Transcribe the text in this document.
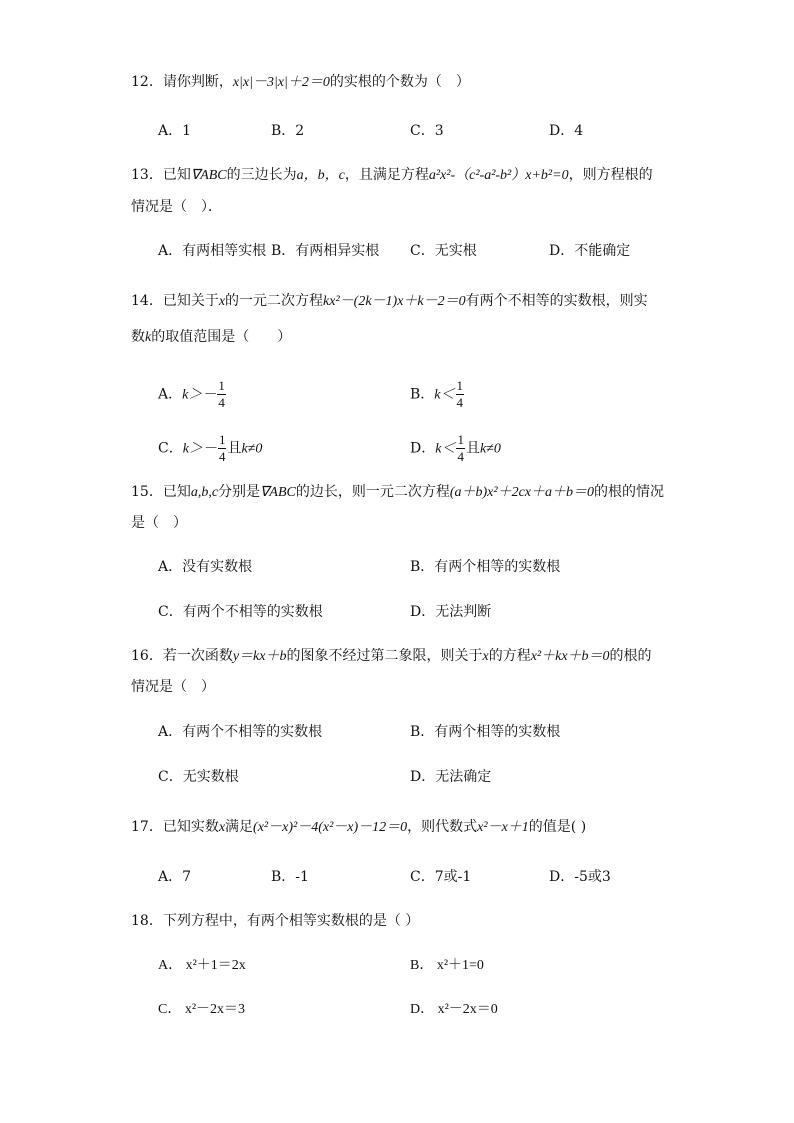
12．请你判断，x|x|－3|x|＋2＝0的实根的个数为（　）
A．1	B．2	C．3	D．4
13．已知∇ABC的三边长为a，b，c，且满足方程a²x²-（c²-a²-b²）x+b²=0，则方程根的
情况是（　）．
A．有两相等实根 B．有两相异实根 C．无实根	D．不能确定
14．已知关于x的一元二次方程kx²－(2k－1)x＋k－2＝0有两个不相等的实数根，则实
数k的取值范围是（　　）
A．$k>- \frac{1}{4}$	B．$k< \frac{1}{4}$
C．$k>- \frac{1}{4}$ 且k≠0	D．$k< \frac{1}{4}$ 且k≠0
15．已知a,b,c分别是∇ABC的边长，则一元二次方程(a＋b)x²＋2cx＋a＋b＝0的根的情况
是（　）
A．没有实数根	B．有两个相等的实数根
C．有两个不相等的实数根	D．无法判断
16．若一次函数y＝kx＋b的图象不经过第二象限，则关于x的方程x²＋kx＋b＝0的根的
情况是（　）
A．有两个不相等的实数根	B．有两个相等的实数根
C．无实数根	D．无法确定
17．已知实数x满足(x²－x)²－4(x²－x)－12＝0，则代数式x²－x＋1的值是( )
A．7	B．-1	C．7或-1	D．-5或3
18．下列方程中，有两个相等实数根的是（ ）
A． x²＋1＝2x	B． x²＋1=0
C． x²－2x＝3	D． x²－2x＝0
